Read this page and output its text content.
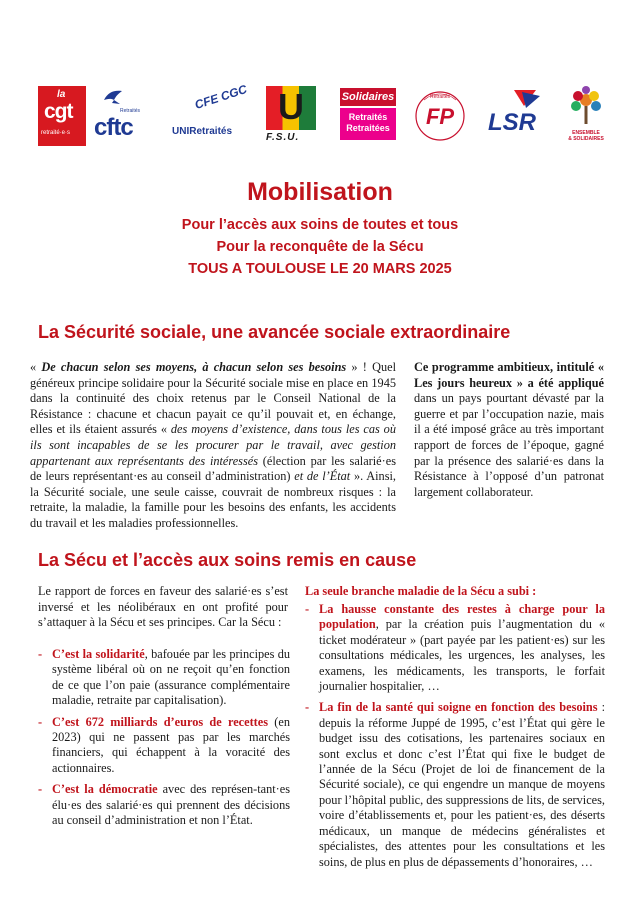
la
cgt
retraité·e·s
Retraités
cftc
CFE CGC
UNIRetraités
U
F.S.U.
Solidaires
Retraités Retraitées FP
Retraités
LSR	ENSEMBLE
& SOLIDAIRES
Mobilisation
Pour l’accès aux soins de toutes et tous
Pour la reconquête de la Sécu
TOUS A TOULOUSE LE 20 MARS 2025
La Sécurité sociale, une avancée sociale extraordinaire
« De chacun selon ses moyens, à chacun selon ses besoins » ! Quel généreux principe solidaire pour la Sécurité sociale mise en place en 1945 dans la continuité des choix retenus par le Conseil National de la Résistance : chacune et chacun payait ce qu’il pouvait et, en échange, elles et ils étaient assurés « des moyens d’existence, dans tous les cas où ils sont incapables de se les procurer par le travail, avec gestion appartenant aux représentants des intéressés (élection par les salarié·es de leurs représentant·es au conseil d’administration) et de l’État ». Ainsi, la Sécurité sociale, une seule caisse, couvrait de nombreux risques : la retraite, la maladie, la famille pour les besoins des enfants, les accidents du travail et les maladies professionnelles.
Ce programme ambitieux, intitulé « Les jours heureux » a été appliqué dans un pays pourtant dévasté par la guerre et par l’occupation nazie, mais il a été imposé grâce au très important rapport de forces de l’époque, gagné par la présence des salarié·es dans la Résistance à l’opposé d’un patronat largement collaborateur.
La Sécu et l’accès aux soins remis en cause
Le rapport de forces en faveur des salarié·es s’est inversé et les néolibéraux en ont profité pour s’attaquer à la Sécu et ses principes. Car la Sécu :
- C’est la solidarité, bafouée par les principes du système libéral où on ne reçoit qu’en fonction de ce que l’on paie (assurance complémentaire maladie, retraite par capitalisation).
- C’est 672 milliards d’euros de recettes (en 2023) qui ne passent pas par les marchés financiers, qui échappent à la voracité des actionnaires.
- C’est la démocratie avec des représen-tant·es élu·es des salarié·es qui prennent des décisions au conseil d’administration et non l’État.
La seule branche maladie de la Sécu a subi :
- La hausse constante des restes à charge pour la population, par la création puis l’augmentation du « ticket modérateur » (part payée par les patient·es) sur les consultations médicales, les urgences, les analyses, les examens, les médicaments, les transports, le forfait journalier hospitalier, …
- La fin de la santé qui soigne en fonction des besoins : depuis la réforme Juppé de 1995, c’est l’État qui gère le budget issu des cotisations, les partenaires sociaux en sont exclus et donc c’est l’État qui fixe le budget de l’année de la Sécu (Projet de loi de financement de la Sécurité sociale), ce qui engendre un manque de moyens pour l’hôpital public, des suppressions de lits, de services, voire d’établissements et, pour les patient·es, des déserts médicaux, un manque de médecins généralistes et spécialistes, des attentes pour les consultations et les soins, de plus en plus de dépassements d’honoraires, …
